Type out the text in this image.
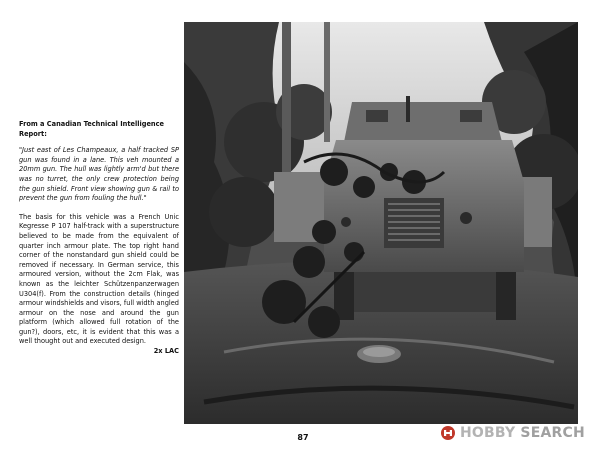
From a Canadian Technical Intelligence Report:

"Just east of Les Champeaux, a half tracked SP gun was found in a lane. This veh mounted a 20mm gun. The hull was lightly arm'd but there was no turret, the only crew protection being the gun shield. Front view showing gun & rail to prevent the gun from fouling the hull."

The basis for this vehicle was a French Unic Kegresse P 107 half-track with a superstructure believed to be made from the equivalent of quarter inch armour plate. The top right hand corner of the nonstandard gun shield could be removed if necessary. In German service, this armoured version, without the 2cm Flak, was known as the leichter Schützenpanzerwagen U304(f). From the construction details (hinged armour windshields and visors, full width angled armour on the nose and around the gun platform (which allowed full rotation of the gun?), doors, etc, it is evident that this was a well thought out and executed design.

2x LAC

87	HOBBY SEARCH
